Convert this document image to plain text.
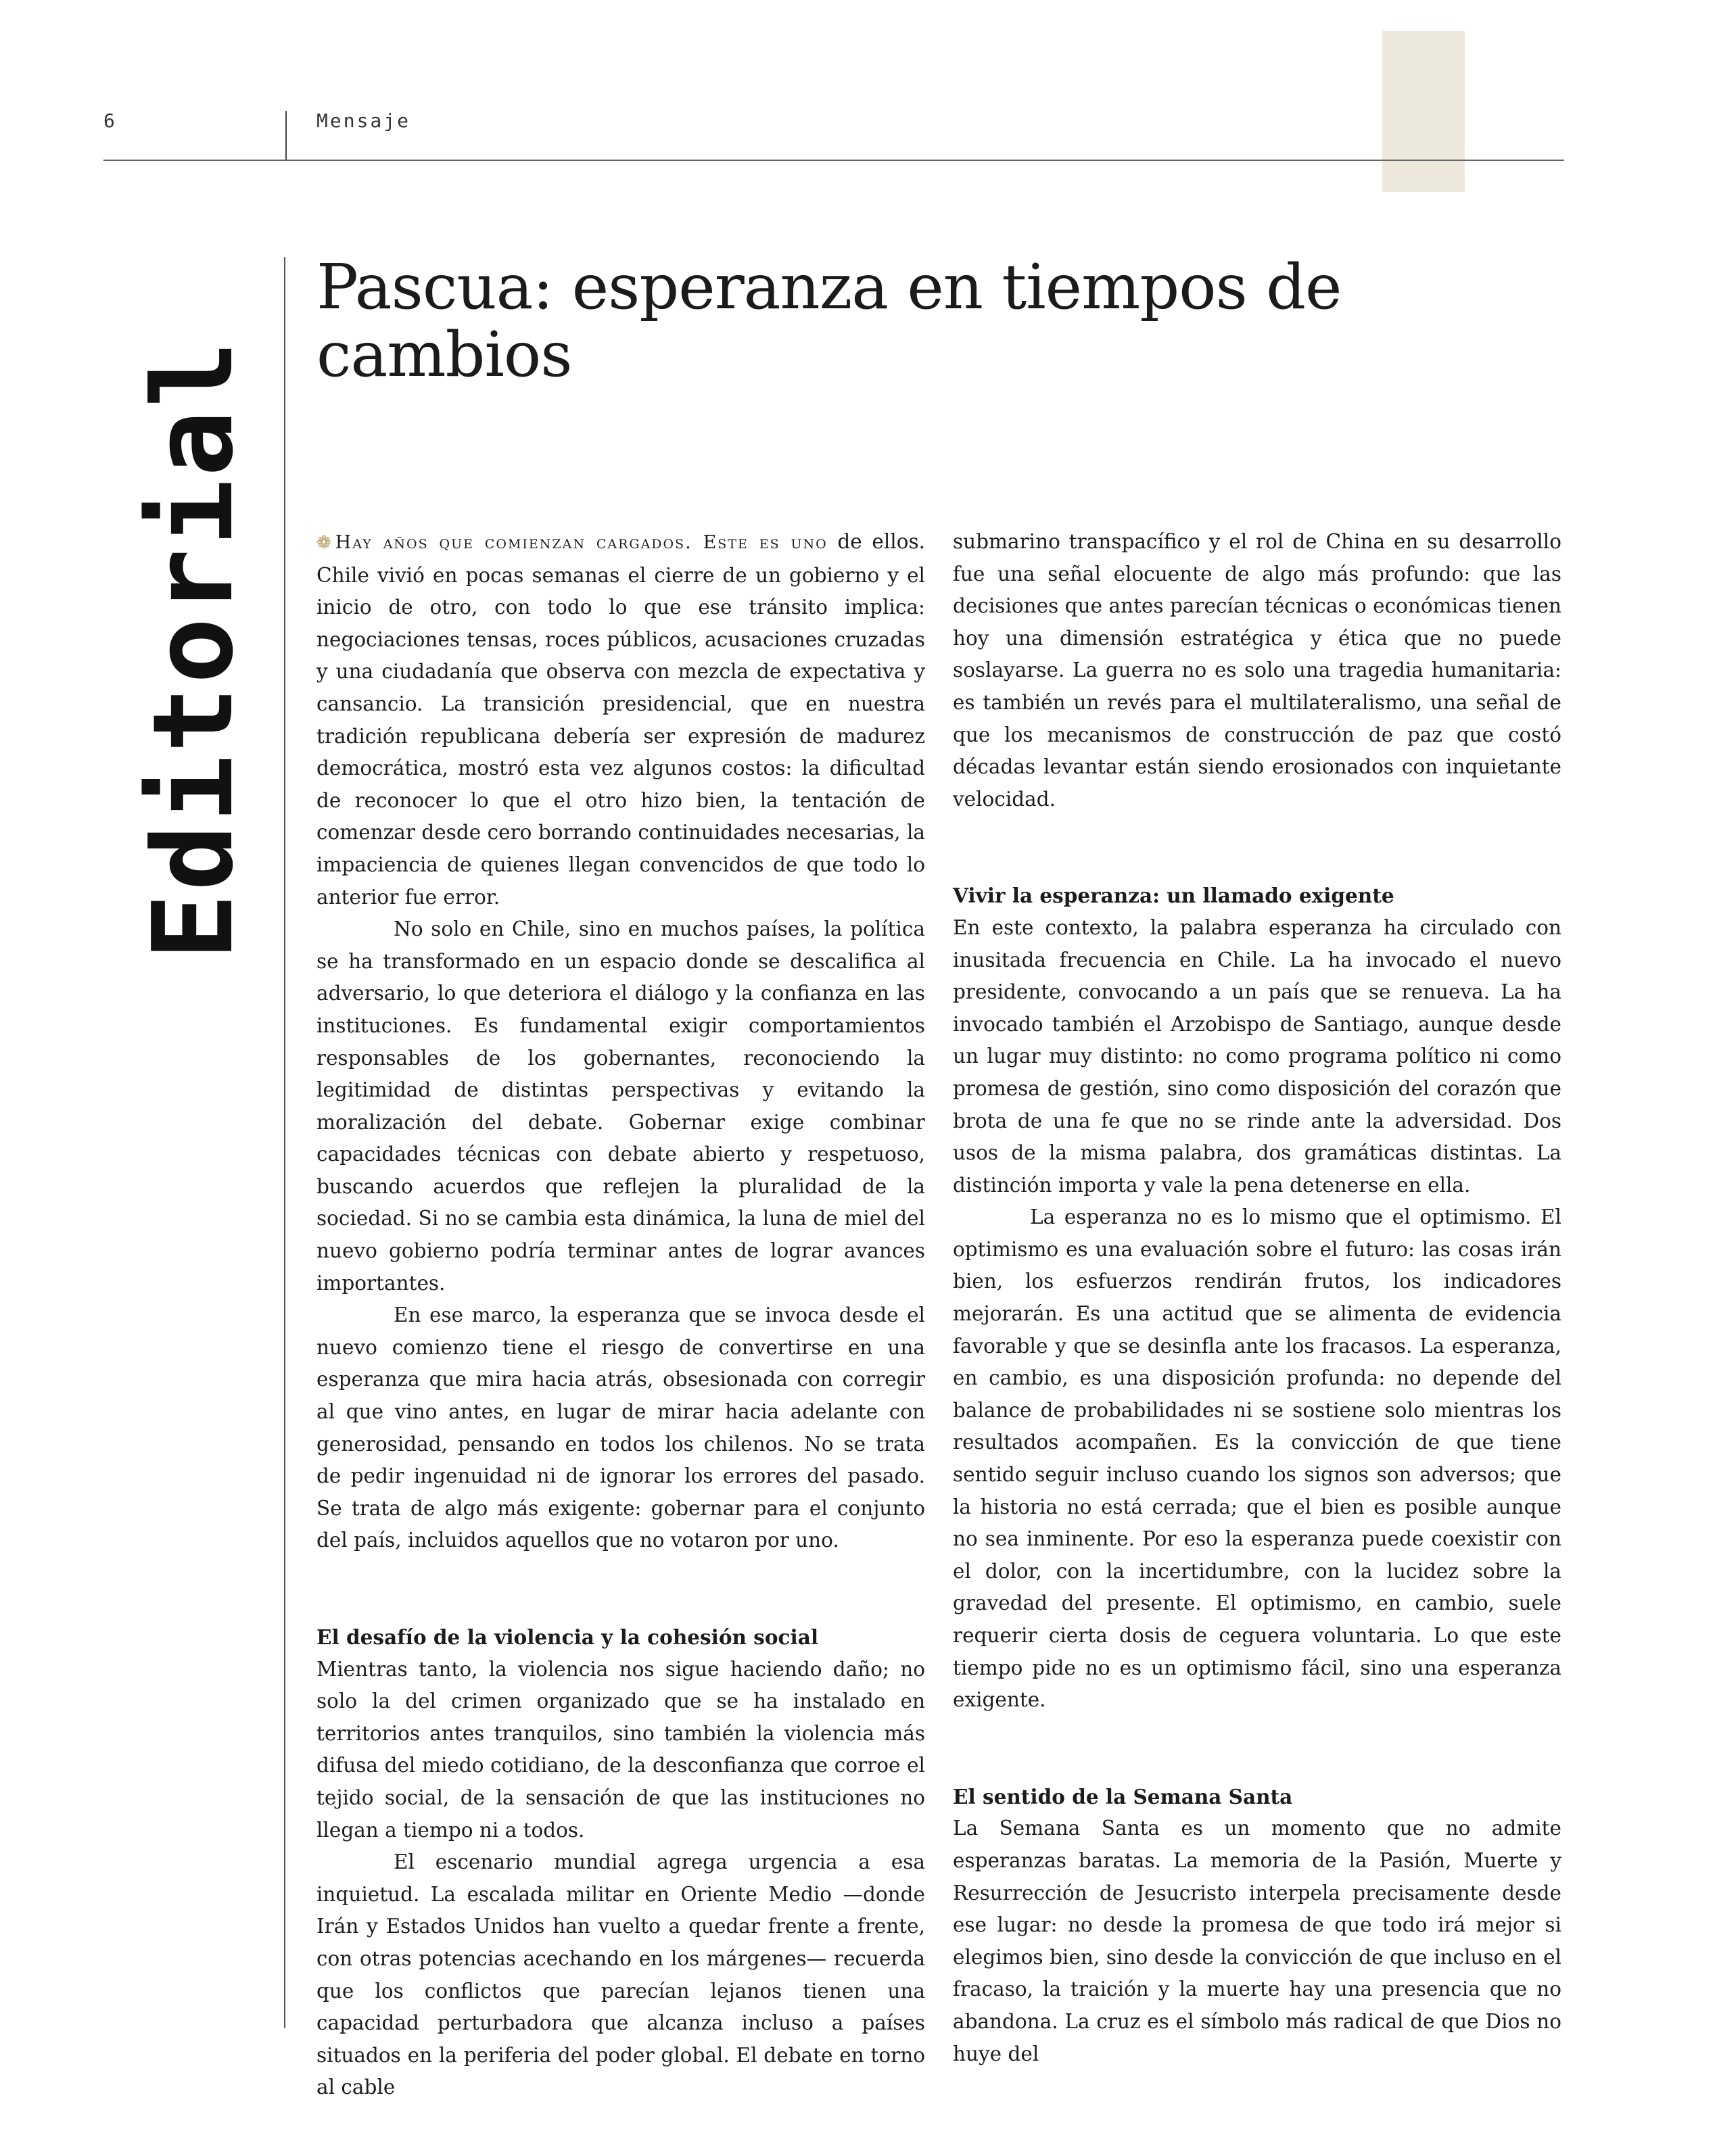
6	Mensaje
Editorial
Pascua: esperanza en tiempos de cambios

❁ Hay años que comienzan cargados. Este es uno de ellos. Chile vivió en pocas semanas el cierre de un gobierno y el inicio de otro, con todo lo que ese tránsito implica: negociaciones tensas, roces públicos, acusaciones cruzadas y una ciudadanía que observa con mezcla de expectativa y cansancio. La transición presidencial, que en nuestra tradición republicana debería ser expresión de madurez democrática, mostró esta vez algunos costos: la dificultad de reconocer lo que el otro hizo bien, la tentación de comenzar desde cero borrando continuidades necesarias, la impaciencia de quienes llegan convencidos de que todo lo anterior fue error.

No solo en Chile, sino en muchos países, la política se ha transformado en un espacio donde se descalifica al adversario, lo que deteriora el diálogo y la confianza en las instituciones. Es fundamental exigir comportamientos responsables de los gobernantes, reconociendo la legitimidad de distintas perspectivas y evitando la moralización del debate. Gobernar exige combinar capacidades técnicas con debate abierto y respetuoso, buscando acuerdos que reflejen la pluralidad de la sociedad. Si no se cambia esta dinámica, la luna de miel del nuevo gobierno podría terminar antes de lograr avances importantes.

En ese marco, la esperanza que se invoca desde el nuevo comienzo tiene el riesgo de convertirse en una esperanza que mira hacia atrás, obsesionada con corregir al que vino antes, en lugar de mirar hacia adelante con generosidad, pensando en todos los chilenos. No se trata de pedir ingenuidad ni de ignorar los errores del pasado. Se trata de algo más exigente: gobernar para el conjunto del país, incluidos aquellos que no votaron por uno.

El desafío de la violencia y la cohesión social

Mientras tanto, la violencia nos sigue haciendo daño; no solo la del crimen organizado que se ha instalado en territorios antes tranquilos, sino también la violencia más difusa del miedo cotidiano, de la desconfianza que corroe el tejido social, de la sensación de que las instituciones no llegan a tiempo ni a todos.

El escenario mundial agrega urgencia a esa inquietud. La escalada militar en Oriente Medio —donde Irán y Estados Unidos han vuelto a quedar frente a frente, con otras potencias acechando en los márgenes— recuerda que los conflictos que parecían lejanos tienen una capacidad perturbadora que alcanza incluso a países situados en la periferia del poder global. El debate en torno al cable

submarino transpacífico y el rol de China en su desarrollo fue una señal elocuente de algo más profundo: que las decisiones que antes parecían técnicas o económicas tienen hoy una dimensión estratégica y ética que no puede soslayarse. La guerra no es solo una tragedia humanitaria: es también un revés para el multilateralismo, una señal de que los mecanismos de construcción de paz que costó décadas levantar están siendo erosionados con inquietante velocidad.

Vivir la esperanza: un llamado exigente

En este contexto, la palabra esperanza ha circulado con inusitada frecuencia en Chile. La ha invocado el nuevo presidente, convocando a un país que se renueva. La ha invocado también el Arzobispo de Santiago, aunque desde un lugar muy distinto: no como programa político ni como promesa de gestión, sino como disposición del corazón que brota de una fe que no se rinde ante la adversidad. Dos usos de la misma palabra, dos gramáticas distintas. La distinción importa y vale la pena detenerse en ella.

La esperanza no es lo mismo que el optimismo. El optimismo es una evaluación sobre el futuro: las cosas irán bien, los esfuerzos rendirán frutos, los indicadores mejorarán. Es una actitud que se alimenta de evidencia favorable y que se desinfla ante los fracasos. La esperanza, en cambio, es una disposición profunda: no depende del balance de probabilidades ni se sostiene solo mientras los resultados acompañen. Es la convicción de que tiene sentido seguir incluso cuando los signos son adversos; que la historia no está cerrada; que el bien es posible aunque no sea inminente. Por eso la esperanza puede coexistir con el dolor, con la incertidumbre, con la lucidez sobre la gravedad del presente. El optimismo, en cambio, suele requerir cierta dosis de ceguera voluntaria. Lo que este tiempo pide no es un optimismo fácil, sino una esperanza exigente.

El sentido de la Semana Santa

La Semana Santa es un momento que no admite esperanzas baratas. La memoria de la Pasión, Muerte y Resurrección de Jesucristo interpela precisamente desde ese lugar: no desde la promesa de que todo irá mejor si elegimos bien, sino desde la convicción de que incluso en el fracaso, la traición y la muerte hay una presencia que no abandona. La cruz es el símbolo más radical de que Dios no huye del
